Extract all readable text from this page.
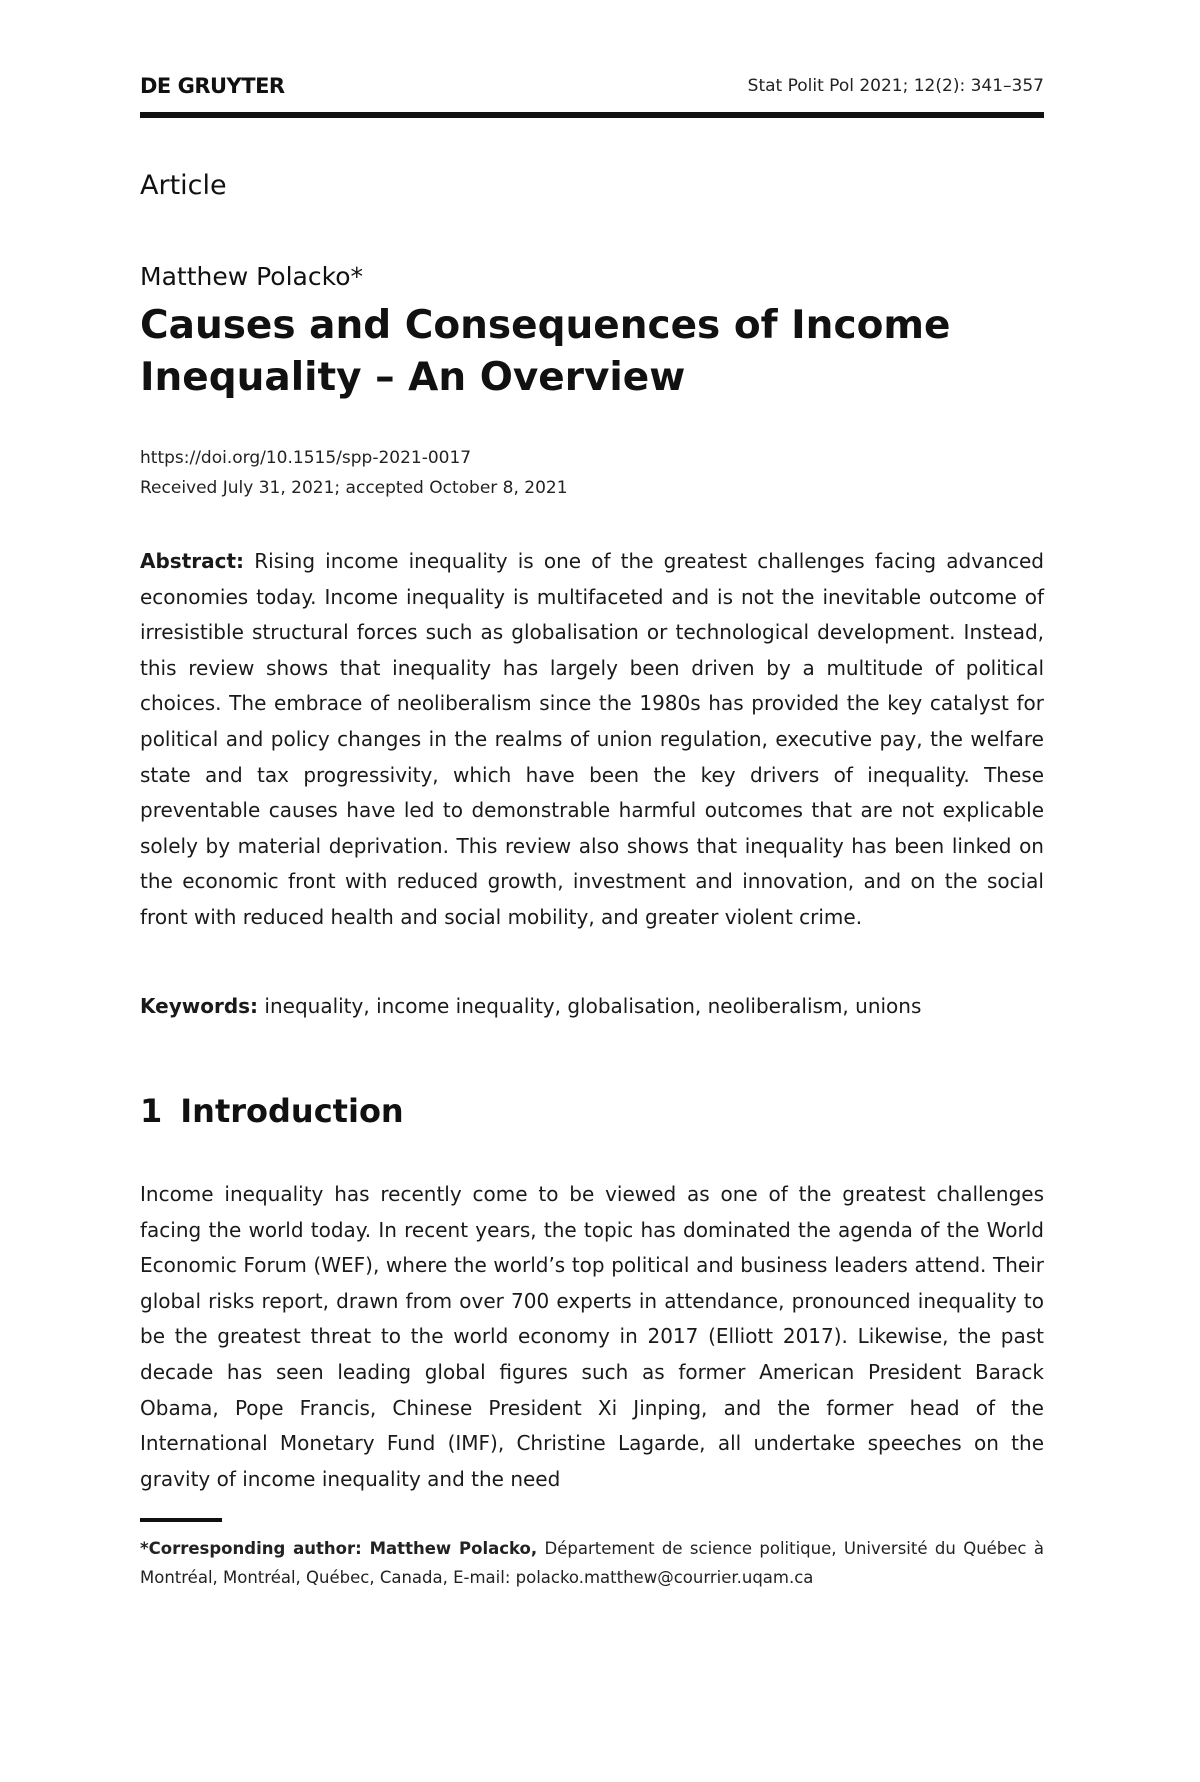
DE GRUYTER	Stat Polit Pol 2021; 12(2): 341–357
Article
Matthew Polacko*
Causes and Consequences of Income Inequality – An Overview
https://doi.org/10.1515/spp-2021-0017
Received July 31, 2021; accepted October 8, 2021

Abstract: Rising income inequality is one of the greatest challenges facing advanced economies today. Income inequality is multifaceted and is not the inevitable outcome of irresistible structural forces such as globalisation or technological development. Instead, this review shows that inequality has largely been driven by a multitude of political choices. The embrace of neoliberalism since the 1980s has provided the key catalyst for political and policy changes in the realms of union regulation, executive pay, the welfare state and tax progressivity, which have been the key drivers of inequality. These preventable causes have led to demonstrable harmful outcomes that are not explicable solely by material deprivation. This review also shows that inequality has been linked on the economic front with reduced growth, investment and innovation, and on the social front with reduced health and social mobility, and greater violent crime.

Keywords: inequality, income inequality, globalisation, neoliberalism, unions

1 Introduction

Income inequality has recently come to be viewed as one of the greatest challenges facing the world today. In recent years, the topic has dominated the agenda of the World Economic Forum (WEF), where the world’s top political and business leaders attend. Their global risks report, drawn from over 700 experts in attendance, pronounced inequality to be the greatest threat to the world economy in 2017 (Elliott 2017). Likewise, the past decade has seen leading global figures such as former American President Barack Obama, Pope Francis, Chinese President Xi Jinping, and the former head of the International Monetary Fund (IMF), Christine Lagarde, all undertake speeches on the gravity of income inequality and the need

*Corresponding author: Matthew Polacko, Département de science politique, Université du Québec à Montréal, Montréal, Québec, Canada, E-mail: polacko.matthew@courrier.uqam.ca
